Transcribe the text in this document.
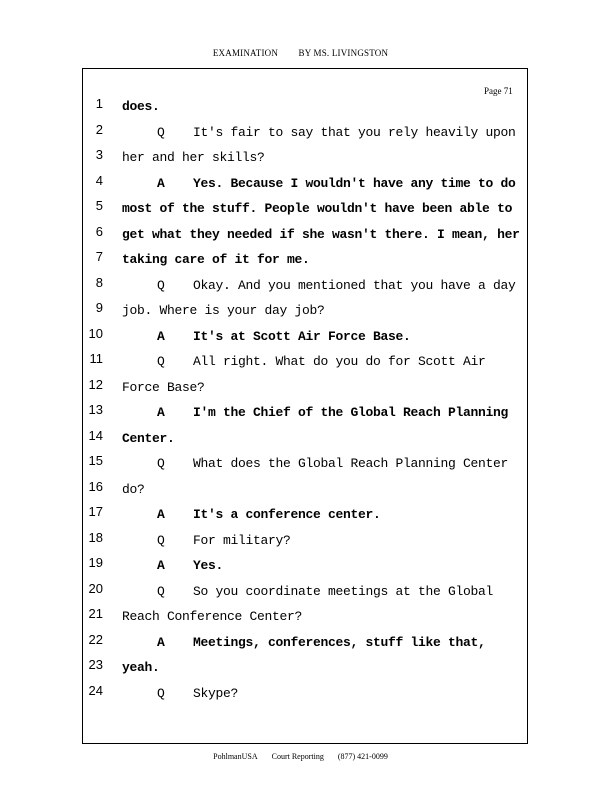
EXAMINATION BY MS. LIVINGSTON
Page 71
1 does.
2	Q It's fair to say that you rely heavily upon
3 her and her skills?
4	A Yes. Because I wouldn't have any time to do
5 most of the stuff. People wouldn't have been able to
6 get what they needed if she wasn't there. I mean, her
7 taking care of it for me.
8	Q Okay. And you mentioned that you have a day
9 job. Where is your day job?
10	A It's at Scott Air Force Base.
11	Q All right. What do you do for Scott Air
12 Force Base?
13	A I'm the Chief of the Global Reach Planning
14 Center.
15	Q What does the Global Reach Planning Center
16 do?
17	A It's a conference center.
18	Q For military?
19	A Yes.
20	Q So you coordinate meetings at the Global
21 Reach Conference Center?
22	A Meetings, conferences, stuff like that,
23 yeah.
24	Q Skype?
PohlmanUSA Court Reporting (877) 421-0099
